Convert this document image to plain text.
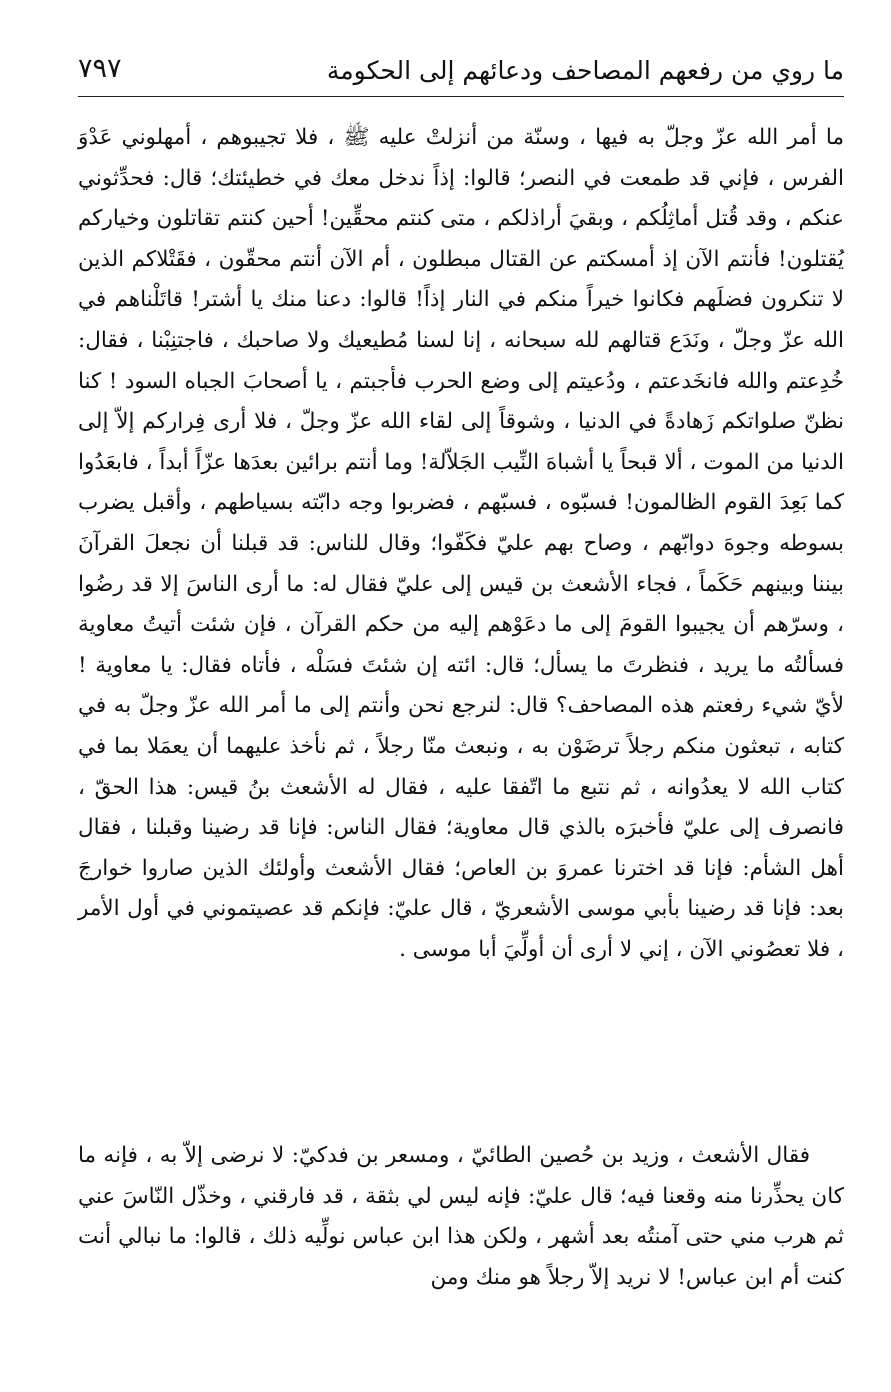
ما روي من رفعهم المصاحف ودعائهم إلى الحكومة
٧٩٧

ما أمر الله عزّ وجلّ به فيها ، وسنّة من أنزلتْ عليه ﷺ ، فلا تجيبوهم ، أمهلوني عَدْوَ الفرس ، فإني قد طمعت في النصر؛ قالوا: إذاً ندخل معك في خطيئتك؛ قال: فحدِّثوني عنكم ، وقد قُتل أماثِلُكم ، وبقيَ أراذلكم ، متى كنتم محقِّين! أحين كنتم تقاتلون وخياركم يُقتلون! فأنتم الآن إذ أمسكتم عن القتال مبطلون ، أم الآن أنتم محقّون ، فقَتْلاكم الذين لا تنكرون فضلَهم فكانوا خيراً منكم في النار إذاً! قالوا: دعنا منك يا أشتر! قاتَلْناهم في الله عزّ وجلّ ، ونَدَع قتالهم لله سبحانه ، إنا لسنا مُطيعيك ولا صاحبك ، فاجتنِبْنا ، فقال: خُدِعتم والله فانخَدعتم ، ودُعيتم إلى وضع الحرب فأجبتم ، يا أصحابَ الجباه السود ! كنا نظنّ صلواتكم زَهادةً في الدنيا ، وشوقاً إلى لقاء الله عزّ وجلّ ، فلا أرى فِراركم إلاّ إلى الدنيا من الموت ، ألا قبحاً يا أشباهَ النِّيب الجَلاّلة! وما أنتم برائين بعدَها عزّاً أبداً ، فابعَدُوا كما بَعِدَ القوم الظالمون! فسبّوه ، فسبّهم ، فضربوا وجه دابّته بسياطهم ، وأقبل يضرب بسوطه وجوهَ دوابّهم ، وصاح بهم عليّ فكَفّوا؛ وقال للناس: قد قبلنا أن نجعلَ القرآنَ بيننا وبينهم حَكَماً ، فجاء الأشعث بن قيس إلى عليّ فقال له: ما أرى الناسَ إلا قد رضُوا ، وسرّهم أن يجيبوا القومَ إلى ما دعَوْهم إليه من حكم القرآن ، فإن شئت أتيتُ معاوية فسألتُه ما يريد ، فنظرتَ ما يسأل؛ قال: ائته إن شئتَ فسَلْه ، فأتاه فقال: يا معاوية ! لأيّ شيء رفعتم هذه المصاحف؟ قال: لنرجع نحن وأنتم إلى ما أمر الله عزّ وجلّ به في كتابه ، تبعثون منكم رجلاً ترضَوْن به ، ونبعث منّا رجلاً ، ثم نأخذ عليهما أن يعمَلا بما في كتاب الله لا يعدُوانه ، ثم نتبع ما اتّفقا عليه ، فقال له الأشعث بنُ قيس: هذا الحقّ ، فانصرف إلى عليّ فأخبرَه بالذي قال معاوية؛ فقال الناس: فإنا قد رضينا وقبلنا ، فقال أهل الشأم: فإنا قد اخترنا عمروَ بن العاص؛ فقال الأشعث وأولئك الذين صاروا خوارجَ بعد: فإنا قد رضينا بأبي موسى الأشعريّ ، قال عليّ: فإنكم قد عصيتموني في أول الأمر ، فلا تعصُوني الآن ، إني لا أرى أن أولِّيَ أبا موسى .

فقال الأشعث ، وزيد بن حُصين الطائيّ ، ومسعر بن فدكيّ: لا نرضى إلاّ به ، فإنه ما كان يحذِّرنا منه وقعنا فيه؛ قال عليّ: فإنه ليس لي بثقة ، قد فارقني ، وخذّل النّاسَ عني ثم هرب مني حتى آمنتُه بعد أشهر ، ولكن هذا ابن عباس نولِّيه ذلك ، قالوا: ما نبالي أنت كنت أم ابن عباس! لا نريد إلاّ رجلاً هو منك ومن
